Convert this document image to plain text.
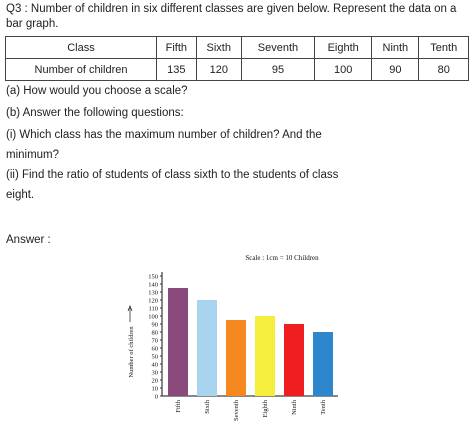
Q3 : Number of children in six different classes are given below. Represent the data on a bar graph.
Class	Fifth	Sixth	Seventh	Eighth	Ninth	Tenth
Number of children	135	120	95	100	90	80
(a) How would you choose a scale?
(b) Answer the following questions:
(i) Which class has the maximum number of children? And the
minimum?
(ii) Find the ratio of students of class sixth to the students of class
eight.
Answer :
Scale : 1cm = 10 Children
0
10
20
30
40
50
60
70
80
90
100
110
120
130
140
150
Number of children
Fifth	Sixth	Seventh	Eighth	Ninth	Tenth
